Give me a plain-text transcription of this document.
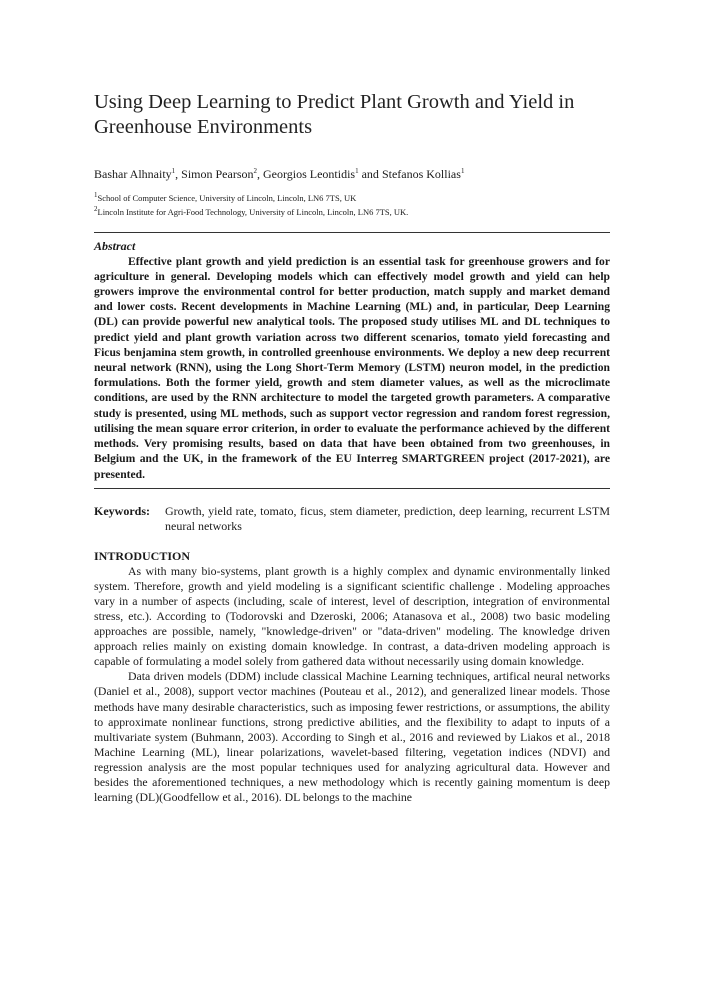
Using Deep Learning to Predict Plant Growth and Yield in Greenhouse Environments
Bashar Alhnaity$^1$, Simon Pearson$^2$, Georgios Leontidis$^1$ and Stefanos Kollias$^1$
$^1$School of Computer Science, University of Lincoln, Lincoln, LN6 7TS, UK
$^2$Lincoln Institute for Agri-Food Technology, University of Lincoln, Lincoln, LN6 7TS, UK.
Abstract

Effective plant growth and yield prediction is an essential task for greenhouse growers and for agriculture in general. Developing models which can effectively model growth and yield can help growers improve the environmental control for better production, match supply and market demand and lower costs. Recent developments in Machine Learning (ML) and, in particular, Deep Learning (DL) can provide powerful new analytical tools. The proposed study utilises ML and DL techniques to predict yield and plant growth variation across two different scenarios, tomato yield forecasting and Ficus benjamina stem growth, in controlled greenhouse environments. We deploy a new deep recurrent neural network (RNN), using the Long Short-Term Memory (LSTM) neuron model, in the prediction formulations. Both the former yield, growth and stem diameter values, as well as the microclimate conditions, are used by the RNN architecture to model the targeted growth parameters. A comparative study is presented, using ML methods, such as support vector regression and random forest regression, utilising the mean square error criterion, in order to evaluate the performance achieved by the different methods. Very promising results, based on data that have been obtained from two greenhouses, in Belgium and the UK, in the framework of the EU Interreg SMARTGREEN project (2017-2021), are presented.

Keywords:	Growth, yield rate, tomato, ficus, stem diameter, prediction, deep learning, recurrent LSTM neural networks
INTRODUCTION

As with many bio-systems, plant growth is a highly complex and dynamic environmentally linked system. Therefore, growth and yield modeling is a significant scientific challenge . Modeling approaches vary in a number of aspects (including, scale of interest, level of description, integration of environmental stress, etc.). According to (Todorovski and Dzeroski, 2006; Atanasova et al., 2008) two basic modeling approaches are possible, namely, "knowledge-driven" or "data-driven" modeling. The knowledge driven approach relies mainly on existing domain knowledge. In contrast, a data-driven modeling approach is capable of formulating a model solely from gathered data without necessarily using domain knowledge.

Data driven models (DDM) include classical Machine Learning techniques, artifical neural networks (Daniel et al., 2008), support vector machines (Pouteau et al., 2012), and generalized linear models. Those methods have many desirable characteristics, such as imposing fewer restrictions, or assumptions, the ability to approximate nonlinear functions, strong predictive abilities, and the flexibility to adapt to inputs of a multivariate system (Buhmann, 2003). According to Singh et al., 2016 and reviewed by Liakos et al., 2018 Machine Learning (ML), linear polarizations, wavelet-based filtering, vegetation indices (NDVI) and regression analysis are the most popular techniques used for analyzing agricultural data. However and besides the aforementioned techniques, a new methodology which is recently gaining momentum is deep learning (DL)(Goodfellow et al., 2016). DL belongs to the machine
